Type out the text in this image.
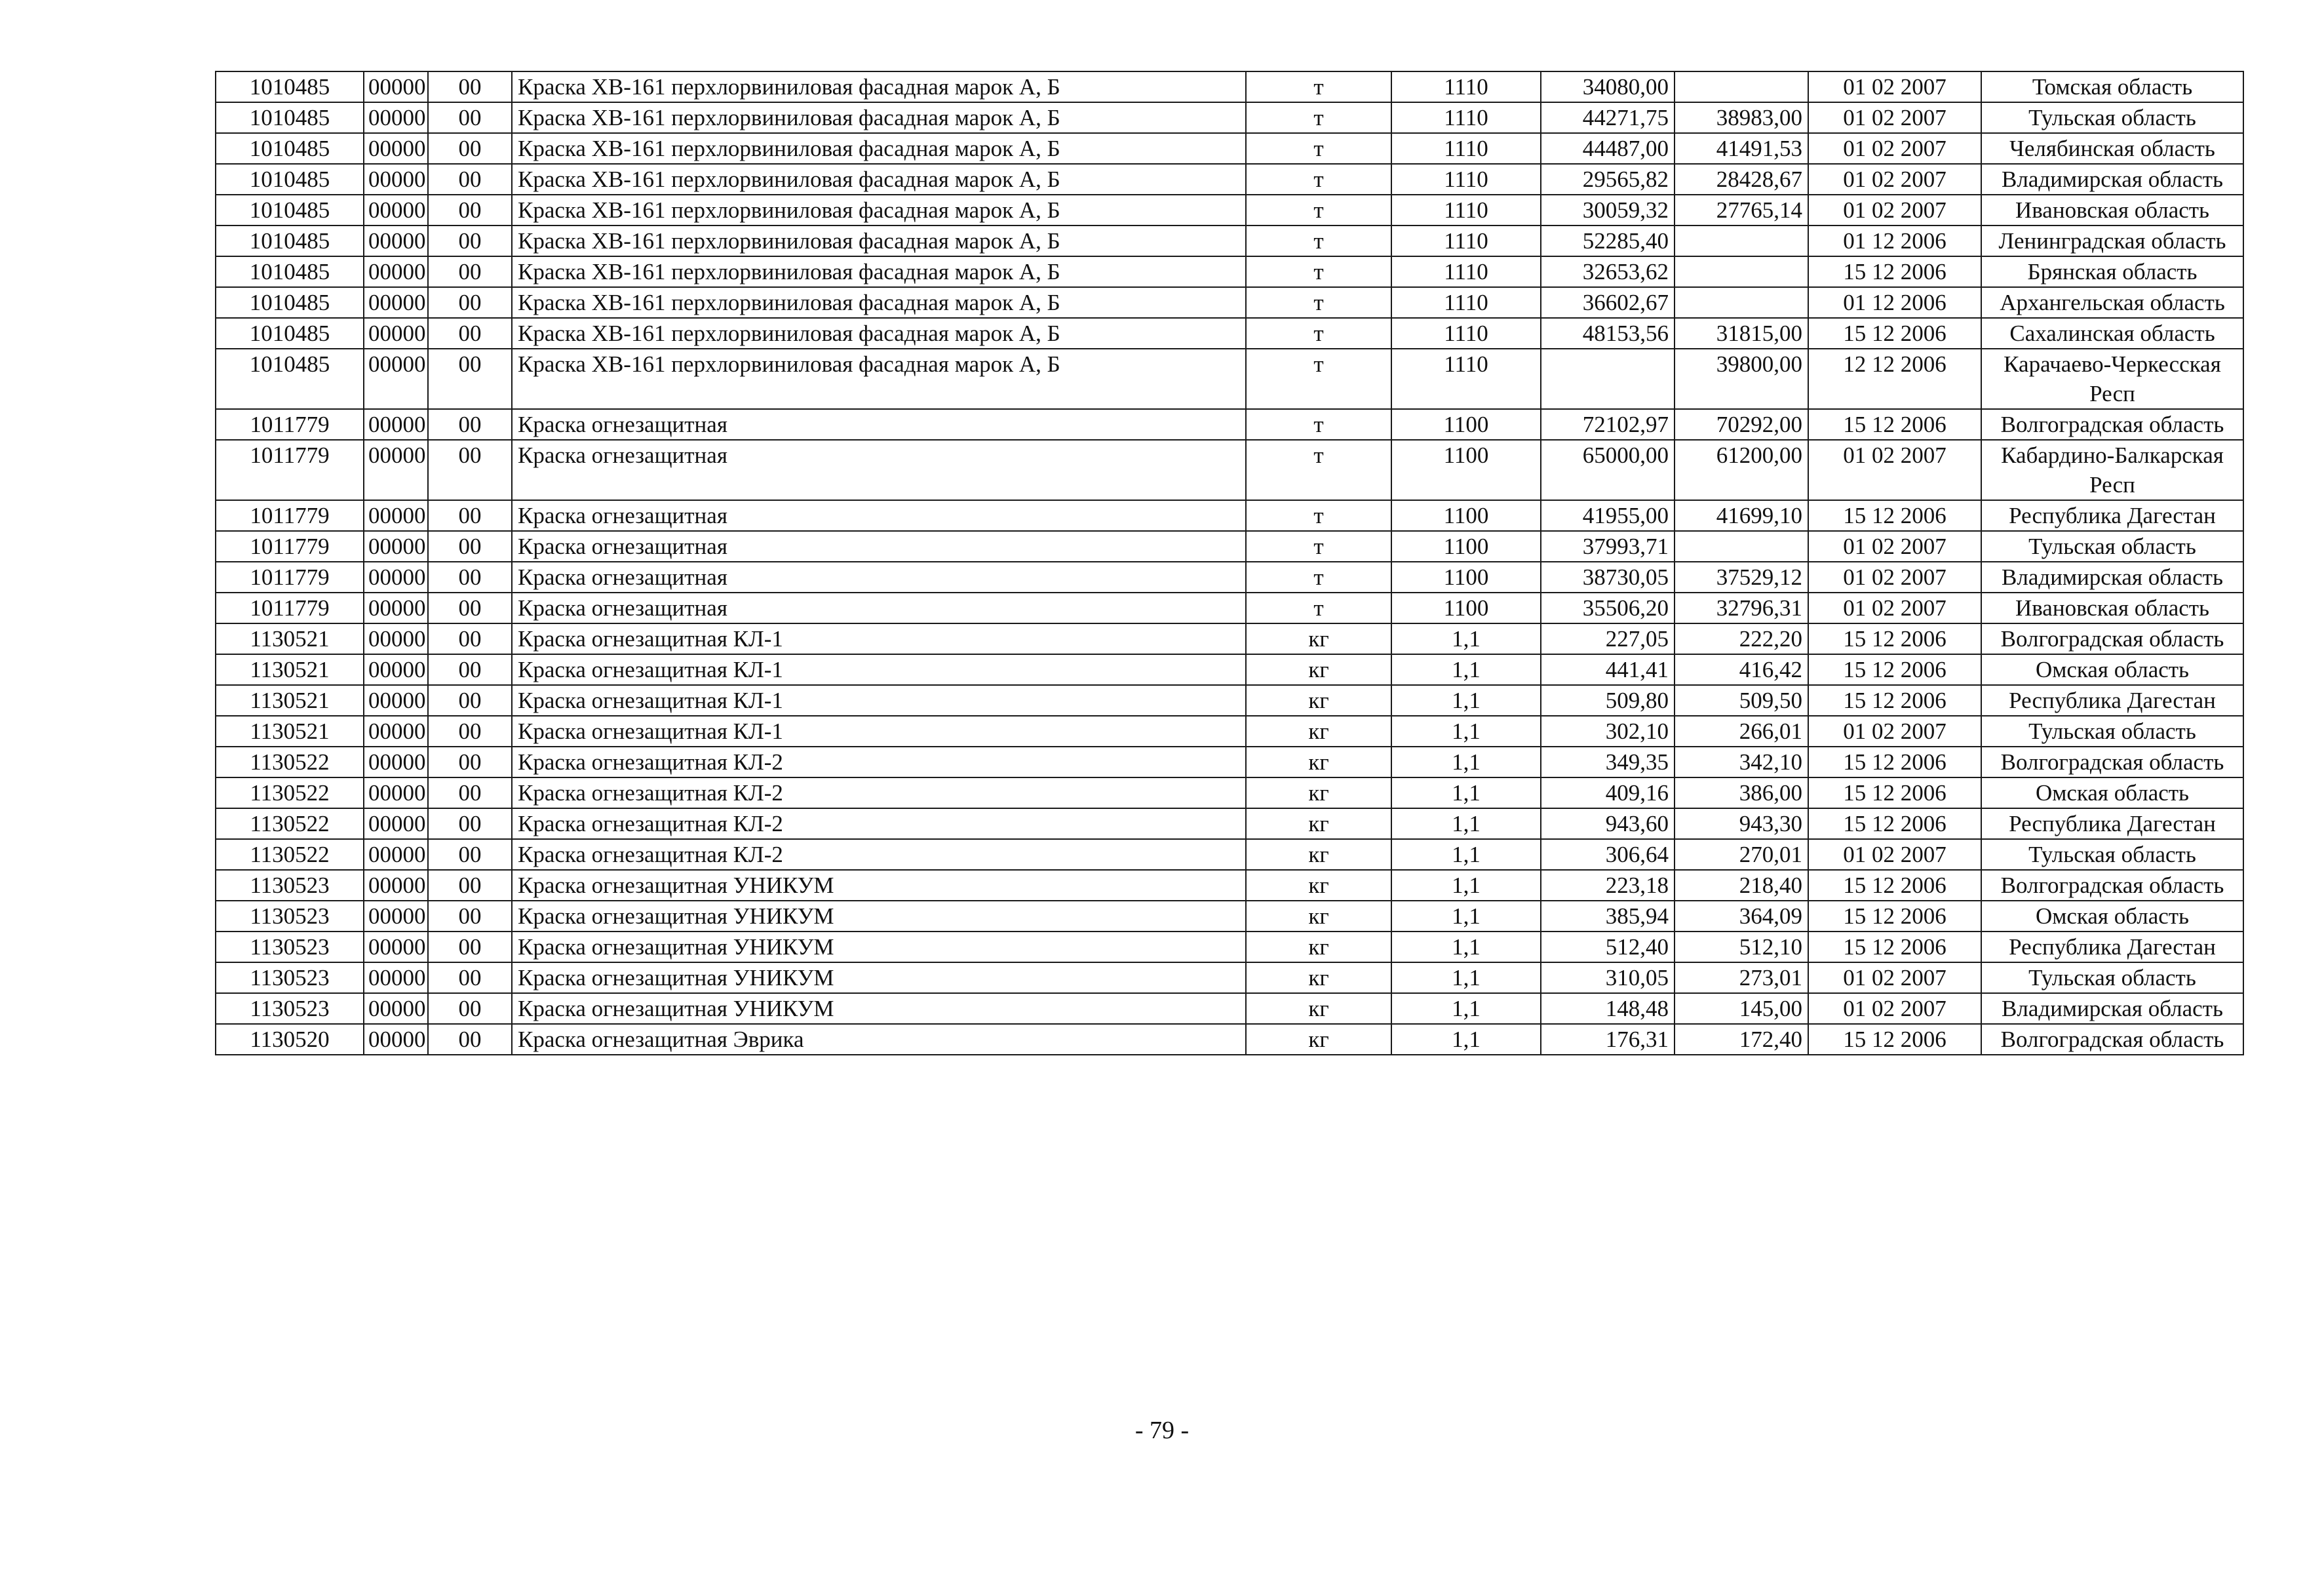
1010485	00000	00	Краска ХВ-161 перхлорвиниловая фасадная марок А, Б	т	1110	34080,00		01 02 2007	Томская область
1010485	00000	00	Краска ХВ-161 перхлорвиниловая фасадная марок А, Б	т	1110	44271,75	38983,00	01 02 2007	Тульская область
1010485	00000	00	Краска ХВ-161 перхлорвиниловая фасадная марок А, Б	т	1110	44487,00	41491,53	01 02 2007	Челябинская область
1010485	00000	00	Краска ХВ-161 перхлорвиниловая фасадная марок А, Б	т	1110	29565,82	28428,67	01 02 2007	Владимирская область
1010485	00000	00	Краска ХВ-161 перхлорвиниловая фасадная марок А, Б	т	1110	30059,32	27765,14	01 02 2007	Ивановская область
1010485	00000	00	Краска ХВ-161 перхлорвиниловая фасадная марок А, Б	т	1110	52285,40		01 12 2006	Ленинградская область
1010485	00000	00	Краска ХВ-161 перхлорвиниловая фасадная марок А, Б	т	1110	32653,62		15 12 2006	Брянская область
1010485	00000	00	Краска ХВ-161 перхлорвиниловая фасадная марок А, Б	т	1110	36602,67		01 12 2006	Архангельская область
1010485	00000	00	Краска ХВ-161 перхлорвиниловая фасадная марок А, Б	т	1110	48153,56	31815,00	15 12 2006	Сахалинская область
1010485	00000	00	Краска ХВ-161 перхлорвиниловая фасадная марок А, Б	т	1110		39800,00	12 12 2006	Карачаево-Черкесская Респ
1011779	00000	00	Краска огнезащитная	т	1100	72102,97	70292,00	15 12 2006	Волгоградская область
1011779	00000	00	Краска огнезащитная	т	1100	65000,00	61200,00	01 02 2007	Кабардино-Балкарская Респ
1011779	00000	00	Краска огнезащитная	т	1100	41955,00	41699,10	15 12 2006	Республика Дагестан
1011779	00000	00	Краска огнезащитная	т	1100	37993,71		01 02 2007	Тульская область
1011779	00000	00	Краска огнезащитная	т	1100	38730,05	37529,12	01 02 2007	Владимирская область
1011779	00000	00	Краска огнезащитная	т	1100	35506,20	32796,31	01 02 2007	Ивановская область
1130521	00000	00	Краска огнезащитная КЛ-1	кг	1,1	227,05	222,20	15 12 2006	Волгоградская область
1130521	00000	00	Краска огнезащитная КЛ-1	кг	1,1	441,41	416,42	15 12 2006	Омская область
1130521	00000	00	Краска огнезащитная КЛ-1	кг	1,1	509,80	509,50	15 12 2006	Республика Дагестан
1130521	00000	00	Краска огнезащитная КЛ-1	кг	1,1	302,10	266,01	01 02 2007	Тульская область
1130522	00000	00	Краска огнезащитная КЛ-2	кг	1,1	349,35	342,10	15 12 2006	Волгоградская область
1130522	00000	00	Краска огнезащитная КЛ-2	кг	1,1	409,16	386,00	15 12 2006	Омская область
1130522	00000	00	Краска огнезащитная КЛ-2	кг	1,1	943,60	943,30	15 12 2006	Республика Дагестан
1130522	00000	00	Краска огнезащитная КЛ-2	кг	1,1	306,64	270,01	01 02 2007	Тульская область
1130523	00000	00	Краска огнезащитная УНИКУМ	кг	1,1	223,18	218,40	15 12 2006	Волгоградская область
1130523	00000	00	Краска огнезащитная УНИКУМ	кг	1,1	385,94	364,09	15 12 2006	Омская область
1130523	00000	00	Краска огнезащитная УНИКУМ	кг	1,1	512,40	512,10	15 12 2006	Республика Дагестан
1130523	00000	00	Краска огнезащитная УНИКУМ	кг	1,1	310,05	273,01	01 02 2007	Тульская область
1130523	00000	00	Краска огнезащитная УНИКУМ	кг	1,1	148,48	145,00	01 02 2007	Владимирская область
1130520	00000	00	Краска огнезащитная Эврика	кг	1,1	176,31	172,40	15 12 2006	Волгоградская область
- 79 -
